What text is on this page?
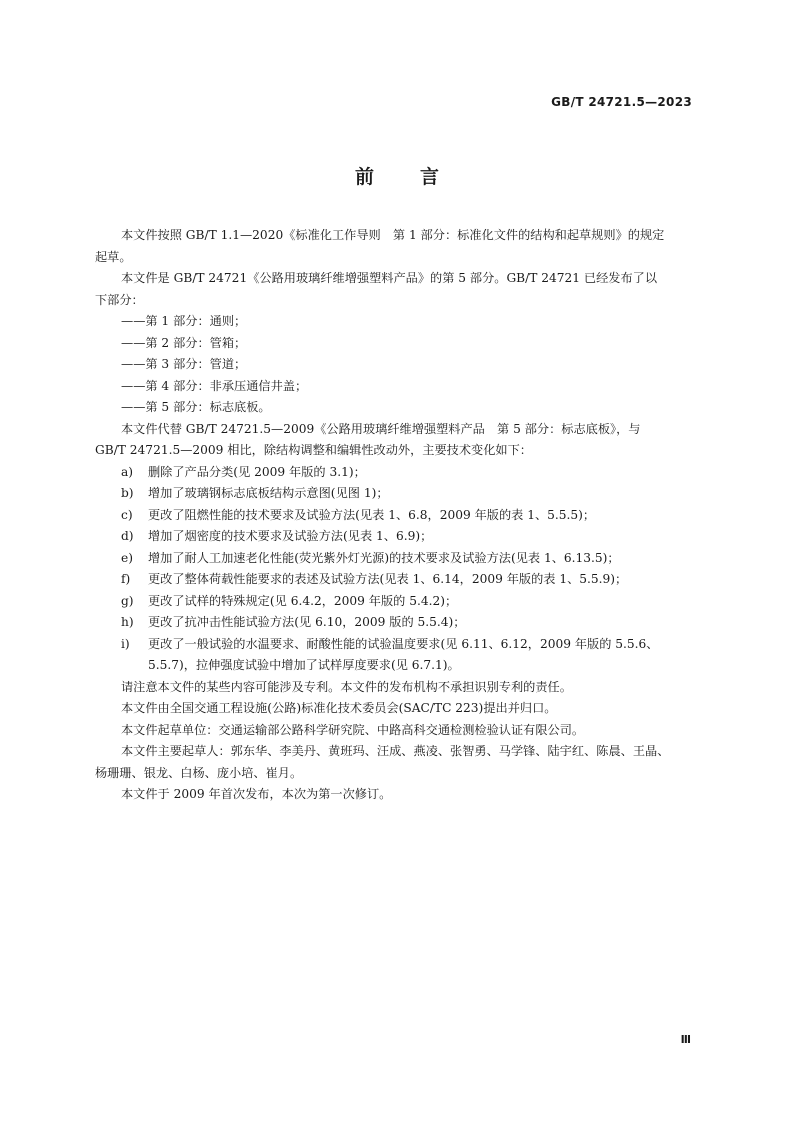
GB/T 24721.5—2023
前言
本文件按照 GB/T 1.1—2020《标准化工作导则　第 1 部分：标准化文件的结构和起草规则》的规定
起草。
本文件是 GB/T 24721《公路用玻璃纤维增强塑料产品》的第 5 部分。GB/T 24721 已经发布了以
下部分：
——第 1 部分：通则；
——第 2 部分：管箱；
——第 3 部分：管道；
——第 4 部分：非承压通信井盖；
——第 5 部分：标志底板。
本文件代替 GB/T 24721.5—2009《公路用玻璃纤维增强塑料产品　第 5 部分：标志底板》，与
GB/T 24721.5—2009 相比，除结构调整和编辑性改动外，主要技术变化如下：
a)	删除了产品分类(见 2009 年版的 3.1)；
b)	增加了玻璃钢标志底板结构示意图(见图 1)；
c)	更改了阻燃性能的技术要求及试验方法(见表 1、6.8，2009 年版的表 1、5.5.5)；
d)	增加了烟密度的技术要求及试验方法(见表 1、6.9)；
e)	增加了耐人工加速老化性能(荧光紫外灯光源)的技术要求及试验方法(见表 1、6.13.5)；
f)	更改了整体荷载性能要求的表述及试验方法(见表 1、6.14，2009 年版的表 1、5.5.9)；
g)	更改了试样的特殊规定(见 6.4.2，2009 年版的 5.4.2)；
h)	更改了抗冲击性能试验方法(见 6.10，2009 版的 5.5.4)；
i)	更改了一般试验的水温要求、耐酸性能的试验温度要求(见 6.11、6.12，2009 年版的 5.5.6、
5.5.7)，拉伸强度试验中增加了试样厚度要求(见 6.7.1)。
请注意本文件的某些内容可能涉及专利。本文件的发布机构不承担识别专利的责任。
本文件由全国交通工程设施(公路)标准化技术委员会(SAC/TC 223)提出并归口。
本文件起草单位：交通运输部公路科学研究院、中路高科交通检测检验认证有限公司。
本文件主要起草人：郭东华、李美丹、黄班玛、汪成、燕凌、张智勇、马学锋、陆宇红、陈晨、王晶、
杨珊珊、银龙、白杨、庞小培、崔月。
本文件于 2009 年首次发布，本次为第一次修订。
Ⅲ
